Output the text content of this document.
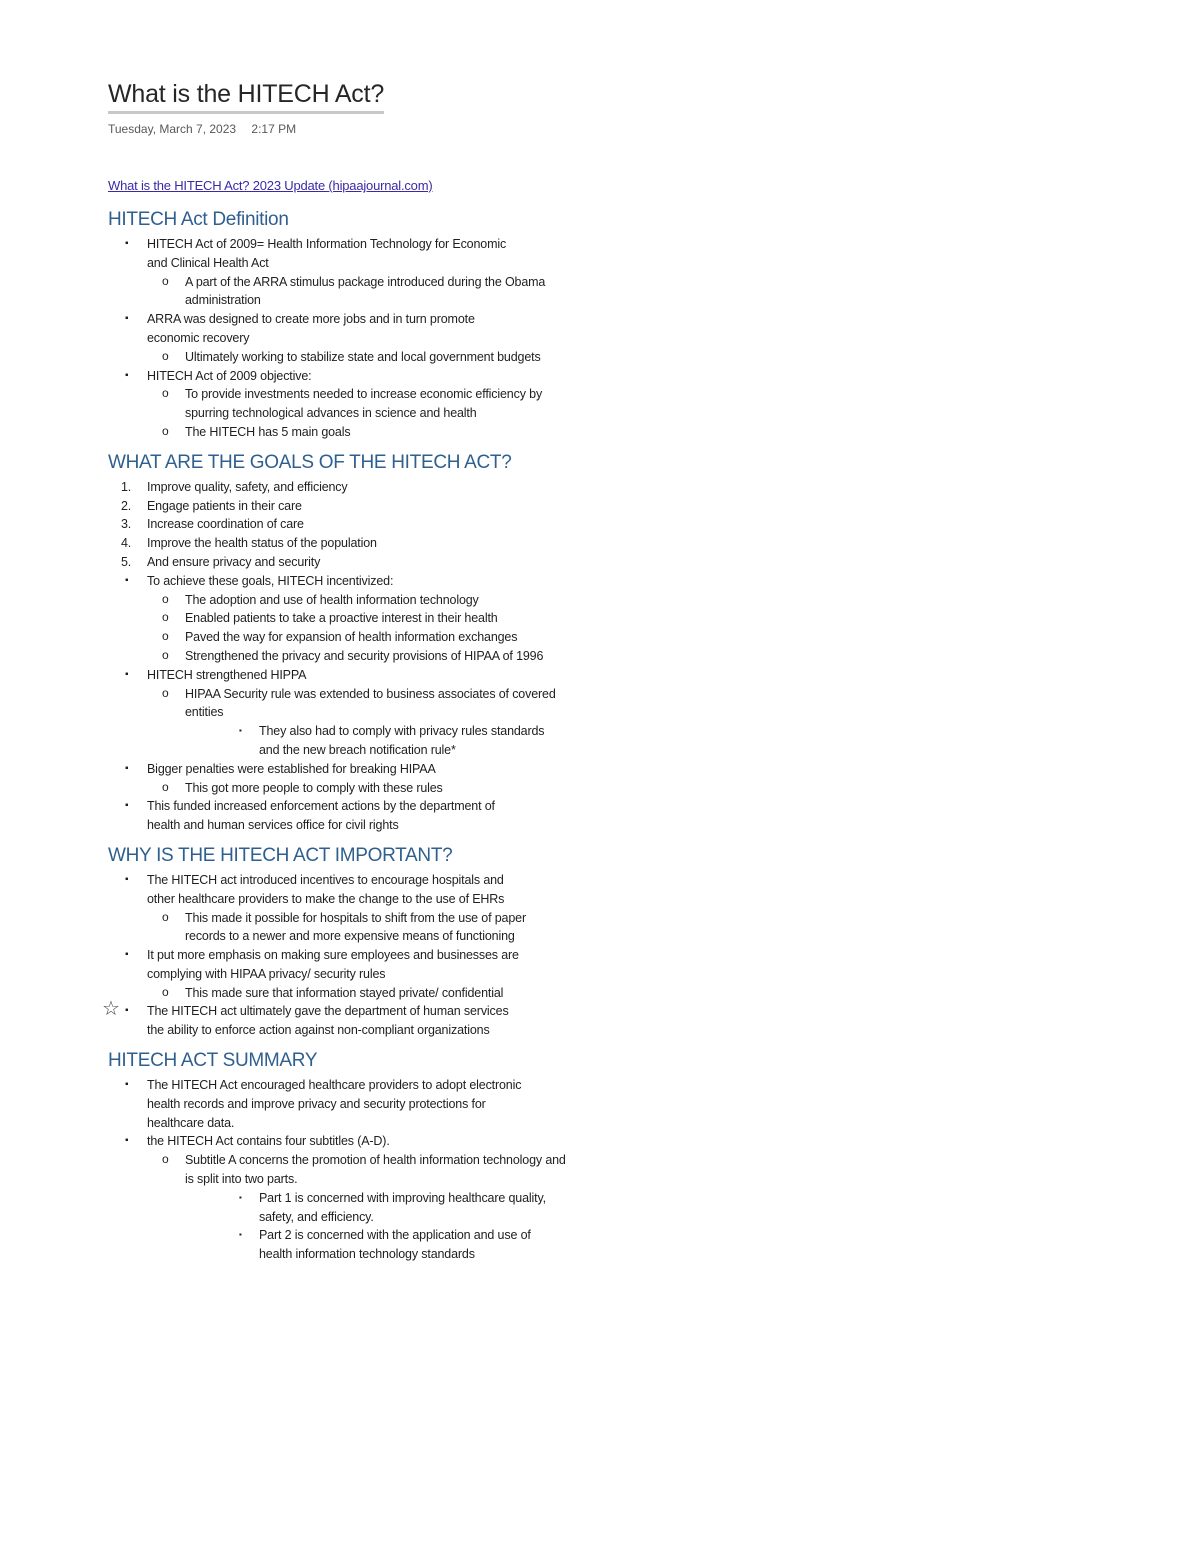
What is the HITECH Act?
Tuesday, March 7, 2023 2:17 PM
What is the HITECH Act? 2023 Update (hipaajournal.com)
HITECH Act Definition
▪ HITECH Act of 2009= Health Information Technology for Economic and Clinical Health Act
o A part of the ARRA stimulus package introduced during the Obama administration
▪ ARRA was designed to create more jobs and in turn promote economic recovery
o Ultimately working to stabilize state and local government budgets
▪ HITECH Act of 2009 objective:
o To provide investments needed to increase economic efficiency by spurring technological advances in science and health
o The HITECH has 5 main goals
WHAT ARE THE GOALS OF THE HITECH ACT?
1. Improve quality, safety, and efficiency
2. Engage patients in their care
3. Increase coordination of care
4. Improve the health status of the population
5. And ensure privacy and security
▪ To achieve these goals, HITECH incentivized:
o The adoption and use of health information technology
o Enabled patients to take a proactive interest in their health
o Paved the way for expansion of health information exchanges
o Strengthened the privacy and security provisions of HIPAA of 1996
▪ HITECH strengthened HIPPA
o HIPAA Security rule was extended to business associates of covered entities
▪ They also had to comply with privacy rules standards and the new breach notification rule*
▪ Bigger penalties were established for breaking HIPAA
o This got more people to comply with these rules
▪ This funded increased enforcement actions by the department of health and human services office for civil rights
WHY IS THE HITECH ACT IMPORTANT?
▪ The HITECH act introduced incentives to encourage hospitals and other healthcare providers to make the change to the use of EHRs
o This made it possible for hospitals to shift from the use of paper records to a newer and more expensive means of functioning
▪ It put more emphasis on making sure employees and businesses are complying with HIPAA privacy/ security rules
o This made sure that information stayed private/ confidential
▪ ☆ The HITECH act ultimately gave the department of human services the ability to enforce action against non-compliant organizations
HITECH ACT SUMMARY
▪ The HITECH Act encouraged healthcare providers to adopt electronic health records and improve privacy and security protections for healthcare data.
▪ the HITECH Act contains four subtitles (A-D).
o Subtitle A concerns the promotion of health information technology and is split into two parts.
▪ Part 1 is concerned with improving healthcare quality, safety, and efficiency.
▪ Part 2 is concerned with the application and use of health information technology standards
